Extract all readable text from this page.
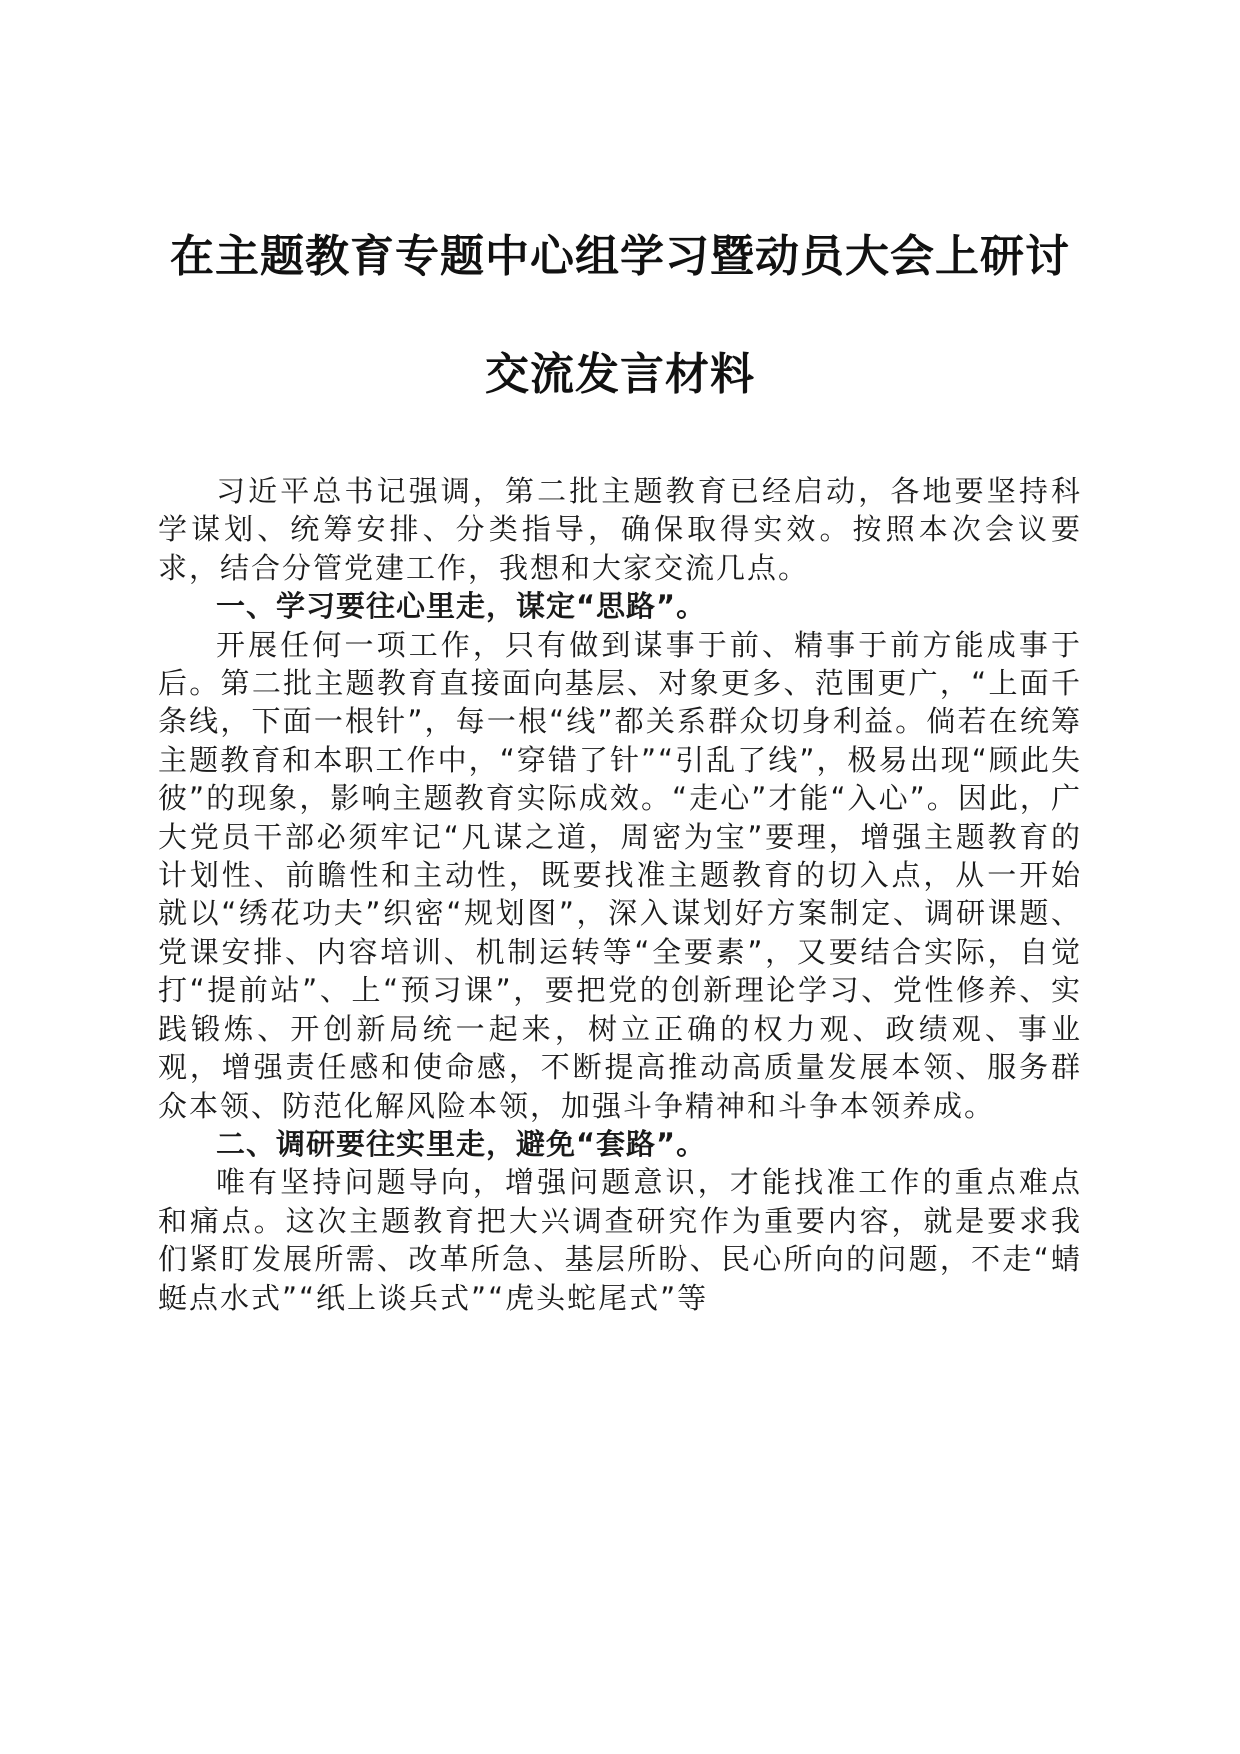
在主题教育专题中心组学习暨动员大会上研讨
交流发言材料

习近平总书记强调，第二批主题教育已经启动，各地要坚持科学谋划、统筹安排、分类指导，确保取得实效。按照本次会议要求，结合分管党建工作，我想和大家交流几点。

一、学习要往心里走，谋定“思路”。

开展任何一项工作，只有做到谋事于前、精事于前方能成事于后。第二批主题教育直接面向基层、对象更多、范围更广，“上面千条线，下面一根针”，每一根“线”都关系群众切身利益。倘若在统筹主题教育和本职工作中，“穿错了针”“引乱了线”，极易出现“顾此失彼”的现象，影响主题教育实际成效。“走心”才能“入心”。因此，广大党员干部必须牢记“凡谋之道，周密为宝”要理，增强主题教育的计划性、前瞻性和主动性，既要找准主题教育的切入点，从一开始就以“绣花功夫”织密“规划图”，深入谋划好方案制定、调研课题、党课安排、内容培训、机制运转等“全要素”，又要结合实际，自觉打“提前站”、上“预习课”，要把党的创新理论学习、党性修养、实践锻炼、开创新局统一起来，树立正确的权力观、政绩观、事业观，增强责任感和使命感，不断提高推动高质量发展本领、服务群众本领、防范化解风险本领，加强斗争精神和斗争本领养成。

二、调研要往实里走，避免“套路”。

唯有坚持问题导向，增强问题意识，才能找准工作的重点难点和痛点。这次主题教育把大兴调查研究作为重要内容，就是要求我们紧盯发展所需、改革所急、基层所盼、民心所向的问题，不走“蜻蜓点水式”“纸上谈兵式”“虎头蛇尾式”等
